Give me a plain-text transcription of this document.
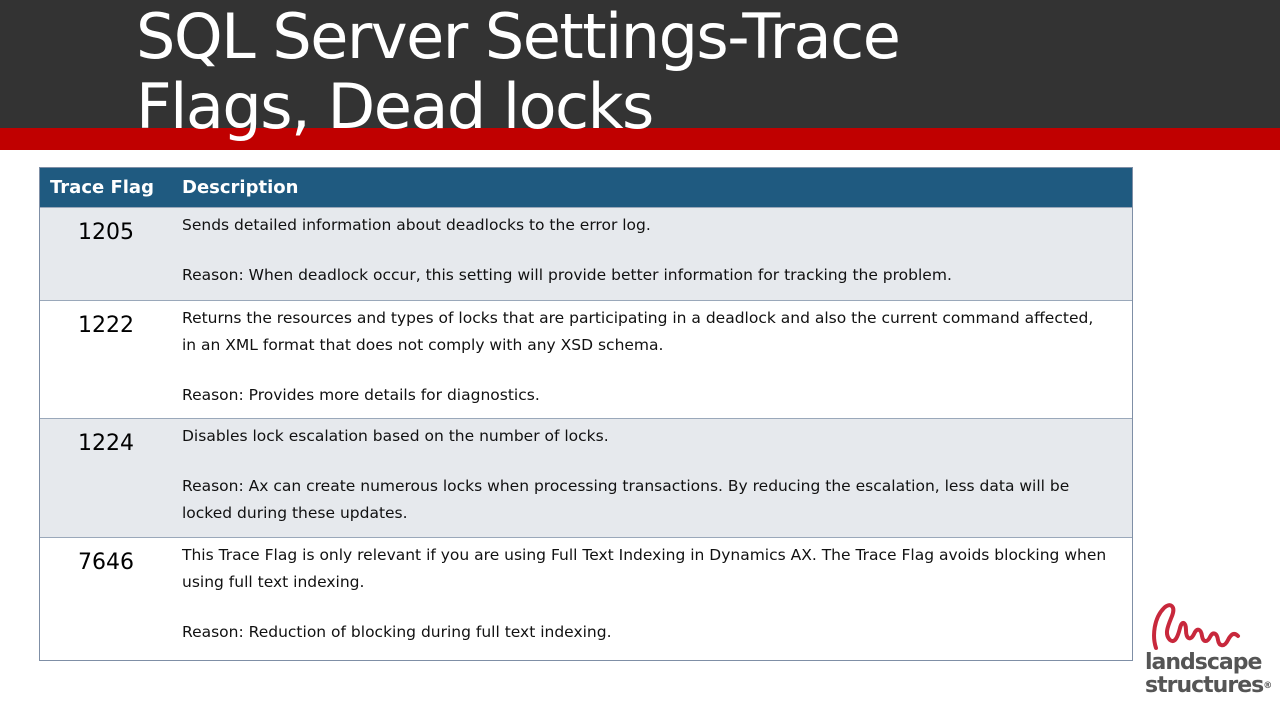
SQL Server Settings-Trace
Flags, Dead locks
Trace Flag	Description
1205	Sends detailed information about deadlocks to the error log.

Reason: When deadlock occur, this setting will provide better information for tracking the problem.

1222	Returns the resources and types of locks that are participating in a deadlock and also the current command affected, in an XML format that does not comply with any XSD schema.

Reason: Provides more details for diagnostics.

1224	Disables lock escalation based on the number of locks.

Reason: Ax can create numerous locks when processing transactions. By reducing the escalation, less data will be locked during these updates.

7646	This Trace Flag is only relevant if you are using Full Text Indexing in Dynamics AX. The Trace Flag avoids blocking when using full text indexing.

Reason: Reduction of blocking during full text indexing.

landscape

structures®
